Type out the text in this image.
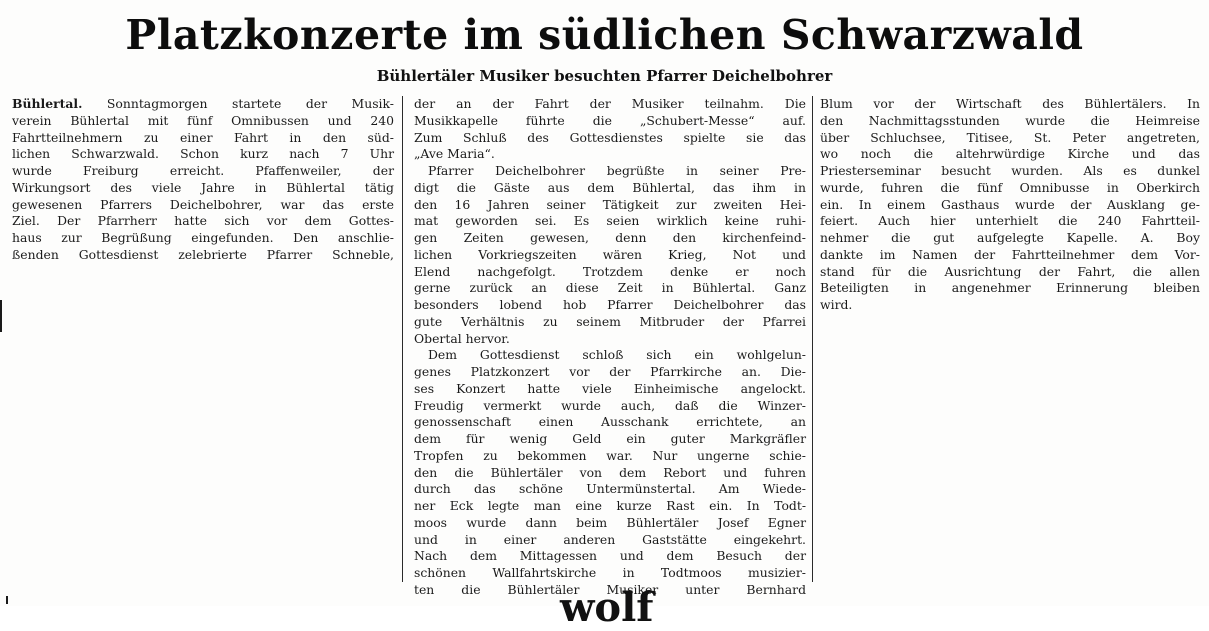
Platzkonzerte im südlichen Schwarzwald
Bühlertäler Musiker besuchten Pfarrer Deichelbohrer
Bühlertal. Sonntagmorgen startete der Musik-
verein Bühlertal mit fünf Omnibussen und 240
Fahrtteilnehmern zu einer Fahrt in den süd-
lichen Schwarzwald. Schon kurz nach 7 Uhr
wurde Freiburg erreicht. Pfaffenweiler, der
Wirkungsort des viele Jahre in Bühlertal tätig
gewesenen Pfarrers Deichelbohrer, war das erste
Ziel. Der Pfarrherr hatte sich vor dem Gottes-
haus zur Begrüßung eingefunden. Den anschlie-
ßenden Gottesdienst zelebrierte Pfarrer Schneble,
der an der Fahrt der Musiker teilnahm. Die
Musikkapelle führte die „Schubert-Messe“ auf.
Zum Schluß des Gottesdienstes spielte sie das
„Ave Maria“.
Pfarrer Deichelbohrer begrüßte in seiner Pre-
digt die Gäste aus dem Bühlertal, das ihm in
den 16 Jahren seiner Tätigkeit zur zweiten Hei-
mat geworden sei. Es seien wirklich keine ruhi-
gen Zeiten gewesen, denn den kirchenfeind-
lichen Vorkriegszeiten wären Krieg, Not und
Elend nachgefolgt. Trotzdem denke er noch
gerne zurück an diese Zeit in Bühlertal. Ganz
besonders lobend hob Pfarrer Deichelbohrer das
gute Verhältnis zu seinem Mitbruder der Pfarrei
Obertal hervor.
Dem Gottesdienst schloß sich ein wohlgelun-
genes Platzkonzert vor der Pfarrkirche an. Die-
ses Konzert hatte viele Einheimische angelockt.
Freudig vermerkt wurde auch, daß die Winzer-
genossenschaft einen Ausschank errichtete, an
dem für wenig Geld ein guter Markgräfler
Tropfen zu bekommen war. Nur ungerne schie-
den die Bühlertäler von dem Rebort und fuhren
durch das schöne Untermünstertal. Am Wiede-
ner Eck legte man eine kurze Rast ein. In Todt-
moos wurde dann beim Bühlertäler Josef Egner
und in einer anderen Gaststätte eingekehrt.
Nach dem Mittagessen und dem Besuch der
schönen Wallfahrtskirche in Todtmoos musizier-
ten die Bühlertäler Musiker unter Bernhard
Blum vor der Wirtschaft des Bühlertälers. In
den Nachmittagsstunden wurde die Heimreise
über Schluchsee, Titisee, St. Peter angetreten,
wo noch die altehrwürdige Kirche und das
Priesterseminar besucht wurden. Als es dunkel
wurde, fuhren die fünf Omnibusse in Oberkirch
ein. In einem Gasthaus wurde der Ausklang ge-
feiert. Auch hier unterhielt die 240 Fahrtteil-
nehmer die gut aufgelegte Kapelle. A. Boy
dankte im Namen der Fahrtteilnehmer dem Vor-
stand für die Ausrichtung der Fahrt, die allen
Beteiligten in angenehmer Erinnerung bleiben
wird.
wolf
